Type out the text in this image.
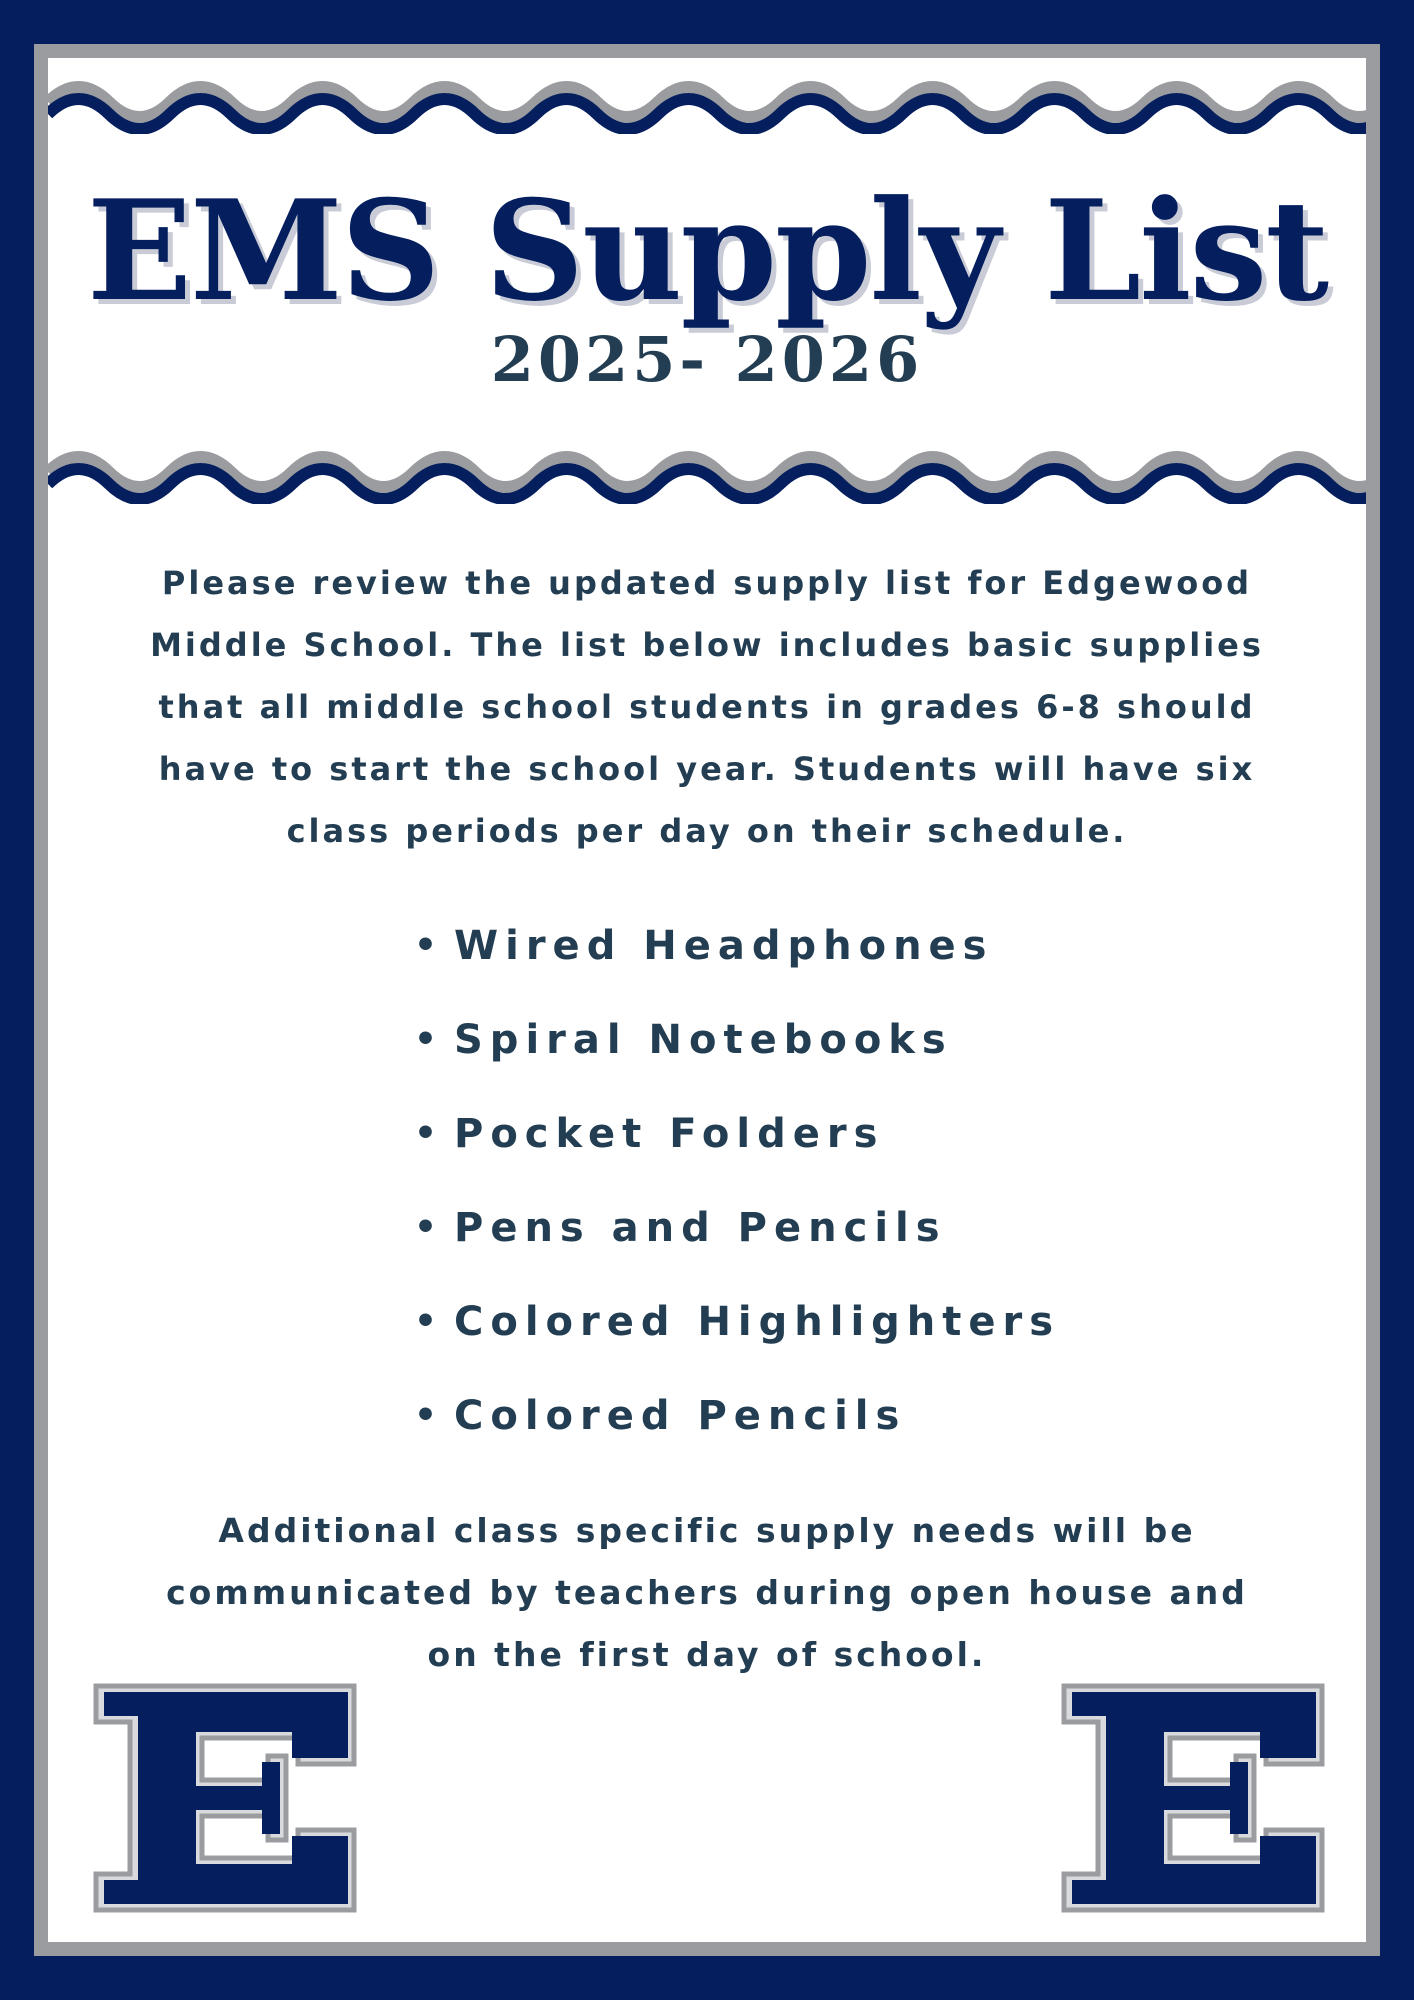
EMS Supply List
2025- 2026

Please review the updated supply list for Edgewood Middle School. The list below includes basic supplies that all middle school students in grades 6-8 should have to start the school year. Students will have six class periods per day on their schedule.

• Wired Headphones
• Spiral Notebooks
• Pocket Folders
• Pens and Pencils
• Colored Highlighters
• Colored Pencils

Additional class specific supply needs will be communicated by teachers during open house and on the first day of school.
